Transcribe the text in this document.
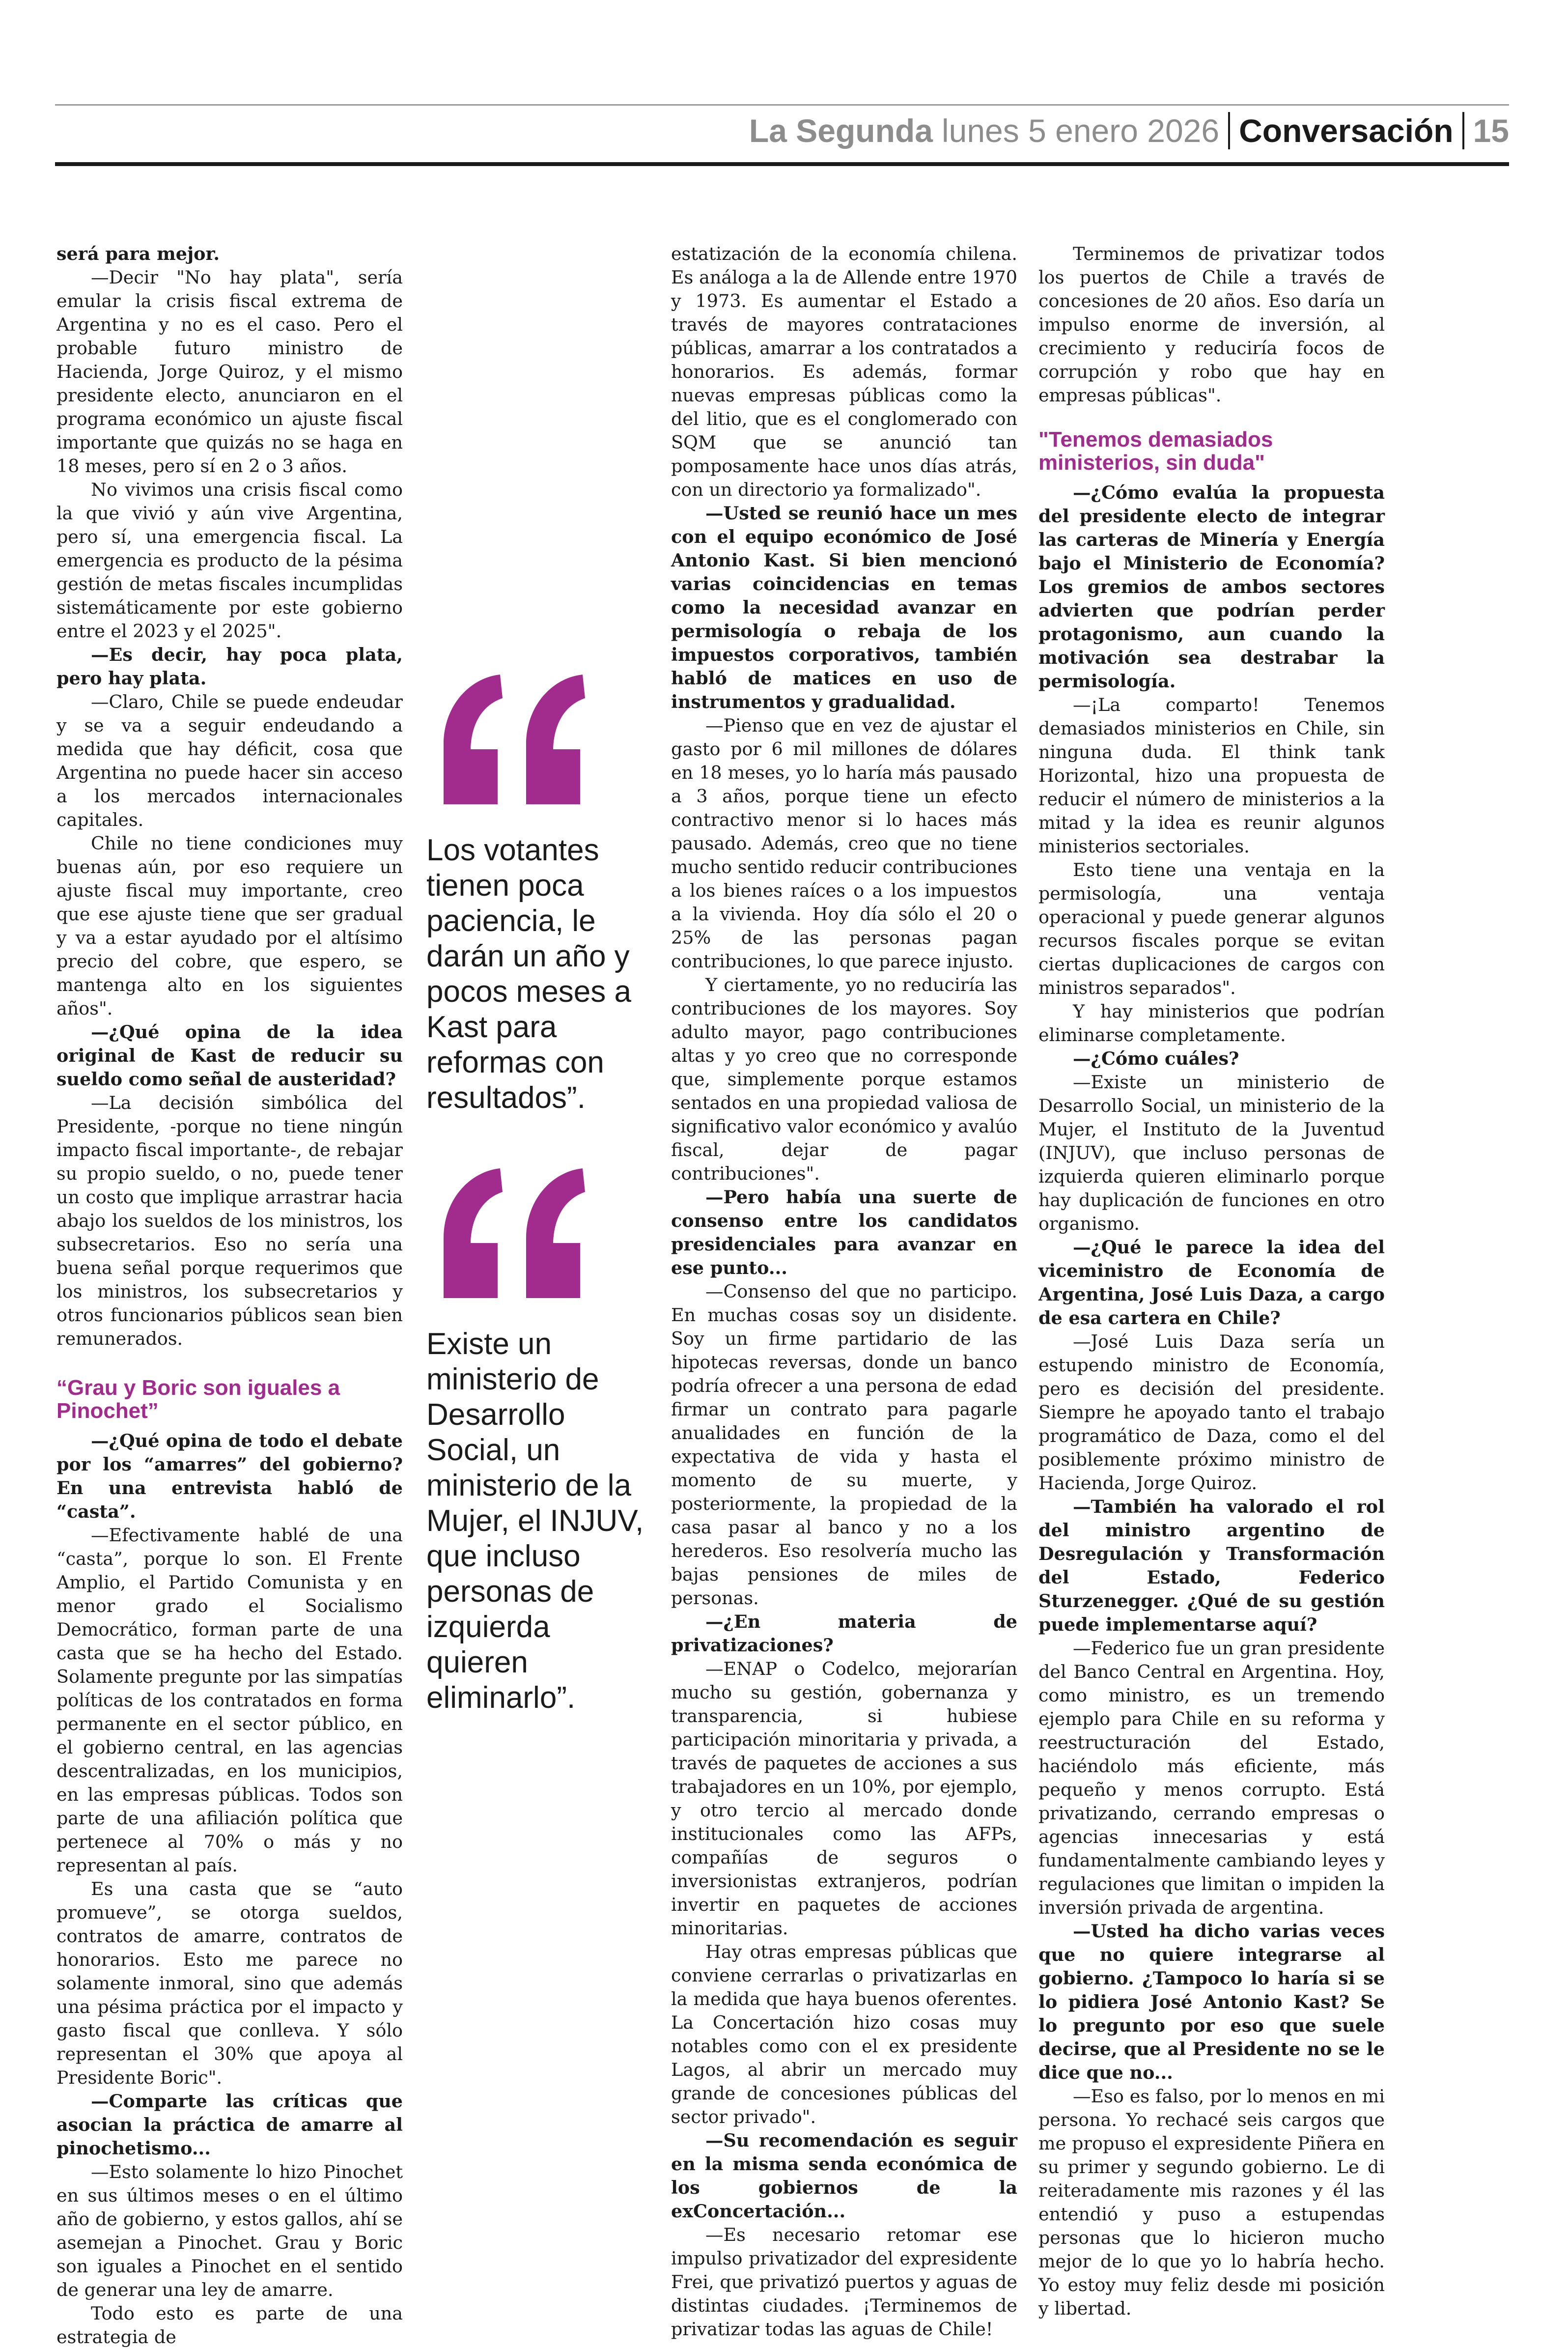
La Segunda lunes 5 enero 2026 Conversación 15

será para mejor.

—Decir "No hay plata", sería emular la crisis fiscal extrema de Argentina y no es el caso. Pero el probable futuro ministro de Hacienda, Jorge Quiroz, y el mismo presidente electo, anunciaron en el programa económico un ajuste fiscal importante que quizás no se haga en 18 meses, pero sí en 2 o 3 años.

No vivimos una crisis fiscal como la que vivió y aún vive Argentina, pero sí, una emergencia fiscal. La emergencia es producto de la pésima gestión de metas fiscales incumplidas sistemáticamente por este gobierno entre el 2023 y el 2025".

—Es decir, hay poca plata, pero hay plata.

—Claro, Chile se puede endeudar y se va a seguir endeudando a medida que hay déficit, cosa que Argentina no puede hacer sin acceso a los mercados internacionales capitales.

Chile no tiene condiciones muy buenas aún, por eso requiere un ajuste fiscal muy importante, creo que ese ajuste tiene que ser gradual y va a estar ayudado por el altísimo precio del cobre, que espero, se mantenga alto en los siguientes años".

—¿Qué opina de la idea original de Kast de reducir su sueldo como señal de austeridad?

—La decisión simbólica del Presidente, -porque no tiene ningún impacto fiscal importante-, de rebajar su propio sueldo, o no, puede tener un costo que implique arrastrar hacia abajo los sueldos de los ministros, los subsecretarios. Eso no sería una buena señal porque requerimos que los ministros, los subsecretarios y otros funcionarios públicos sean bien remunerados.

“Grau y Boric son iguales a Pinochet”

—¿Qué opina de todo el debate por los “amarres” del gobierno? En una entrevista habló de “casta”.

—Efectivamente hablé de una “casta”, porque lo son. El Frente Amplio, el Partido Comunista y en menor grado el Socialismo Democrático, forman parte de una casta que se ha hecho del Estado. Solamente pregunte por las simpatías políticas de los contratados en forma permanente en el sector público, en el gobierno central, en las agencias descentralizadas, en los municipios, en las empresas públicas. Todos son parte de una afiliación política que pertenece al 70% o más y no representan al país.

Es una casta que se “auto promueve”, se otorga sueldos, contratos de amarre, contratos de honorarios. Esto me parece no solamente inmoral, sino que además una pésima práctica por el impacto y gasto fiscal que conlleva. Y sólo representan el 30% que apoya al Presidente Boric".

—Comparte las críticas que asocian la práctica de amarre al pinochetismo...

—Esto solamente lo hizo Pinochet en sus últimos meses o en el último año de gobierno, y estos gallos, ahí se asemejan a Pinochet. Grau y Boric son iguales a Pinochet en el sentido de generar una ley de amarre.

Todo esto es parte de una estrategia de

Los votantes tienen poca paciencia, le darán un año y pocos meses a Kast para reformas con resultados”.

Existe un ministerio de Desarrollo Social, un ministerio de la Mujer, el INJUV, que incluso personas de izquierda quieren eliminarlo”.

estatización de la economía chilena. Es análoga a la de Allende entre 1970 y 1973. Es aumentar el Estado a través de mayores contrataciones públicas, amarrar a los contratados a honorarios. Es además, formar nuevas empresas públicas como la del litio, que es el conglomerado con SQM que se anunció tan pomposamente hace unos días atrás, con un directorio ya formalizado".

—Usted se reunió hace un mes con el equipo económico de José Antonio Kast. Si bien mencionó varias coincidencias en temas como la necesidad avanzar en permisología o rebaja de los impuestos corporativos, también habló de matices en uso de instrumentos y gradualidad.

—Pienso que en vez de ajustar el gasto por 6 mil millones de dólares en 18 meses, yo lo haría más pausado a 3 años, porque tiene un efecto contractivo menor si lo haces más pausado. Además, creo que no tiene mucho sentido reducir contribuciones a los bienes raíces o a los impuestos a la vivienda. Hoy día sólo el 20 o 25% de las personas pagan contribuciones, lo que parece injusto.

Y ciertamente, yo no reduciría las contribuciones de los mayores. Soy adulto mayor, pago contribuciones altas y yo creo que no corresponde que, simplemente porque estamos sentados en una propiedad valiosa de significativo valor económico y avalúo fiscal, dejar de pagar contribuciones".

—Pero había una suerte de consenso entre los candidatos presidenciales para avanzar en ese punto...

—Consenso del que no participo. En muchas cosas soy un disidente. Soy un firme partidario de las hipotecas reversas, donde un banco podría ofrecer a una persona de edad firmar un contrato para pagarle anualidades en función de la expectativa de vida y hasta el momento de su muerte, y posteriormente, la propiedad de la casa pasar al banco y no a los herederos. Eso resolvería mucho las bajas pensiones de miles de personas.

—¿En materia de privatizaciones?

—ENAP o Codelco, mejorarían mucho su gestión, gobernanza y transparencia, si hubiese participación minoritaria y privada, a través de paquetes de acciones a sus trabajadores en un 10%, por ejemplo, y otro tercio al mercado donde institucionales como las AFPs, compañías de seguros o inversionistas extranjeros, podrían invertir en paquetes de acciones minoritarias.

Hay otras empresas públicas que conviene cerrarlas o privatizarlas en la medida que haya buenos oferentes. La Concertación hizo cosas muy notables como con el ex presidente Lagos, al abrir un mercado muy grande de concesiones públicas del sector privado".

—Su recomendación es seguir en la misma senda económica de los gobiernos de la exConcertación...

—Es necesario retomar ese impulso privatizador del expresidente Frei, que privatizó puertos y aguas de distintas ciudades. ¡Terminemos de privatizar todas las aguas de Chile!

Terminemos de privatizar todos los puertos de Chile a través de concesiones de 20 años. Eso daría un impulso enorme de inversión, al crecimiento y reduciría focos de corrupción y robo que hay en empresas públicas".

"Tenemos demasiados ministerios, sin duda"

—¿Cómo evalúa la propuesta del presidente electo de integrar las carteras de Minería y Energía bajo el Ministerio de Economía? Los gremios de ambos sectores advierten que podrían perder protagonismo, aun cuando la motivación sea destrabar la permisología.

—¡La comparto! Tenemos demasiados ministerios en Chile, sin ninguna duda. El think tank Horizontal, hizo una propuesta de reducir el número de ministerios a la mitad y la idea es reunir algunos ministerios sectoriales.

Esto tiene una ventaja en la permisología, una ventaja operacional y puede generar algunos recursos fiscales porque se evitan ciertas duplicaciones de cargos con ministros separados".

Y hay ministerios que podrían eliminarse completamente.

—¿Cómo cuáles?

—Existe un ministerio de Desarrollo Social, un ministerio de la Mujer, el Instituto de la Juventud (INJUV), que incluso personas de izquierda quieren eliminarlo porque hay duplicación de funciones en otro organismo.

—¿Qué le parece la idea del viceministro de Economía de Argentina, José Luis Daza, a cargo de esa cartera en Chile?

—José Luis Daza sería un estupendo ministro de Economía, pero es decisión del presidente. Siempre he apoyado tanto el trabajo programático de Daza, como el del posiblemente próximo ministro de Hacienda, Jorge Quiroz.

—También ha valorado el rol del ministro argentino de Desregulación y Transformación del Estado, Federico Sturzenegger. ¿Qué de su gestión puede implementarse aquí?

—Federico fue un gran presidente del Banco Central en Argentina. Hoy, como ministro, es un tremendo ejemplo para Chile en su reforma y reestructuración del Estado, haciéndolo más eficiente, más pequeño y menos corrupto. Está privatizando, cerrando empresas o agencias innecesarias y está fundamentalmente cambiando leyes y regulaciones que limitan o impiden la inversión privada de argentina.

—Usted ha dicho varias veces que no quiere integrarse al gobierno. ¿Tampoco lo haría si se lo pidiera José Antonio Kast? Se lo pregunto por eso que suele decirse, que al Presidente no se le dice que no...

—Eso es falso, por lo menos en mi persona. Yo rechacé seis cargos que me propuso el expresidente Piñera en su primer y segundo gobierno. Le di reiteradamente mis razones y él las entendió y puso a estupendas personas que lo hicieron mucho mejor de lo que yo lo habría hecho. Yo estoy muy feliz desde mi posición y libertad.
